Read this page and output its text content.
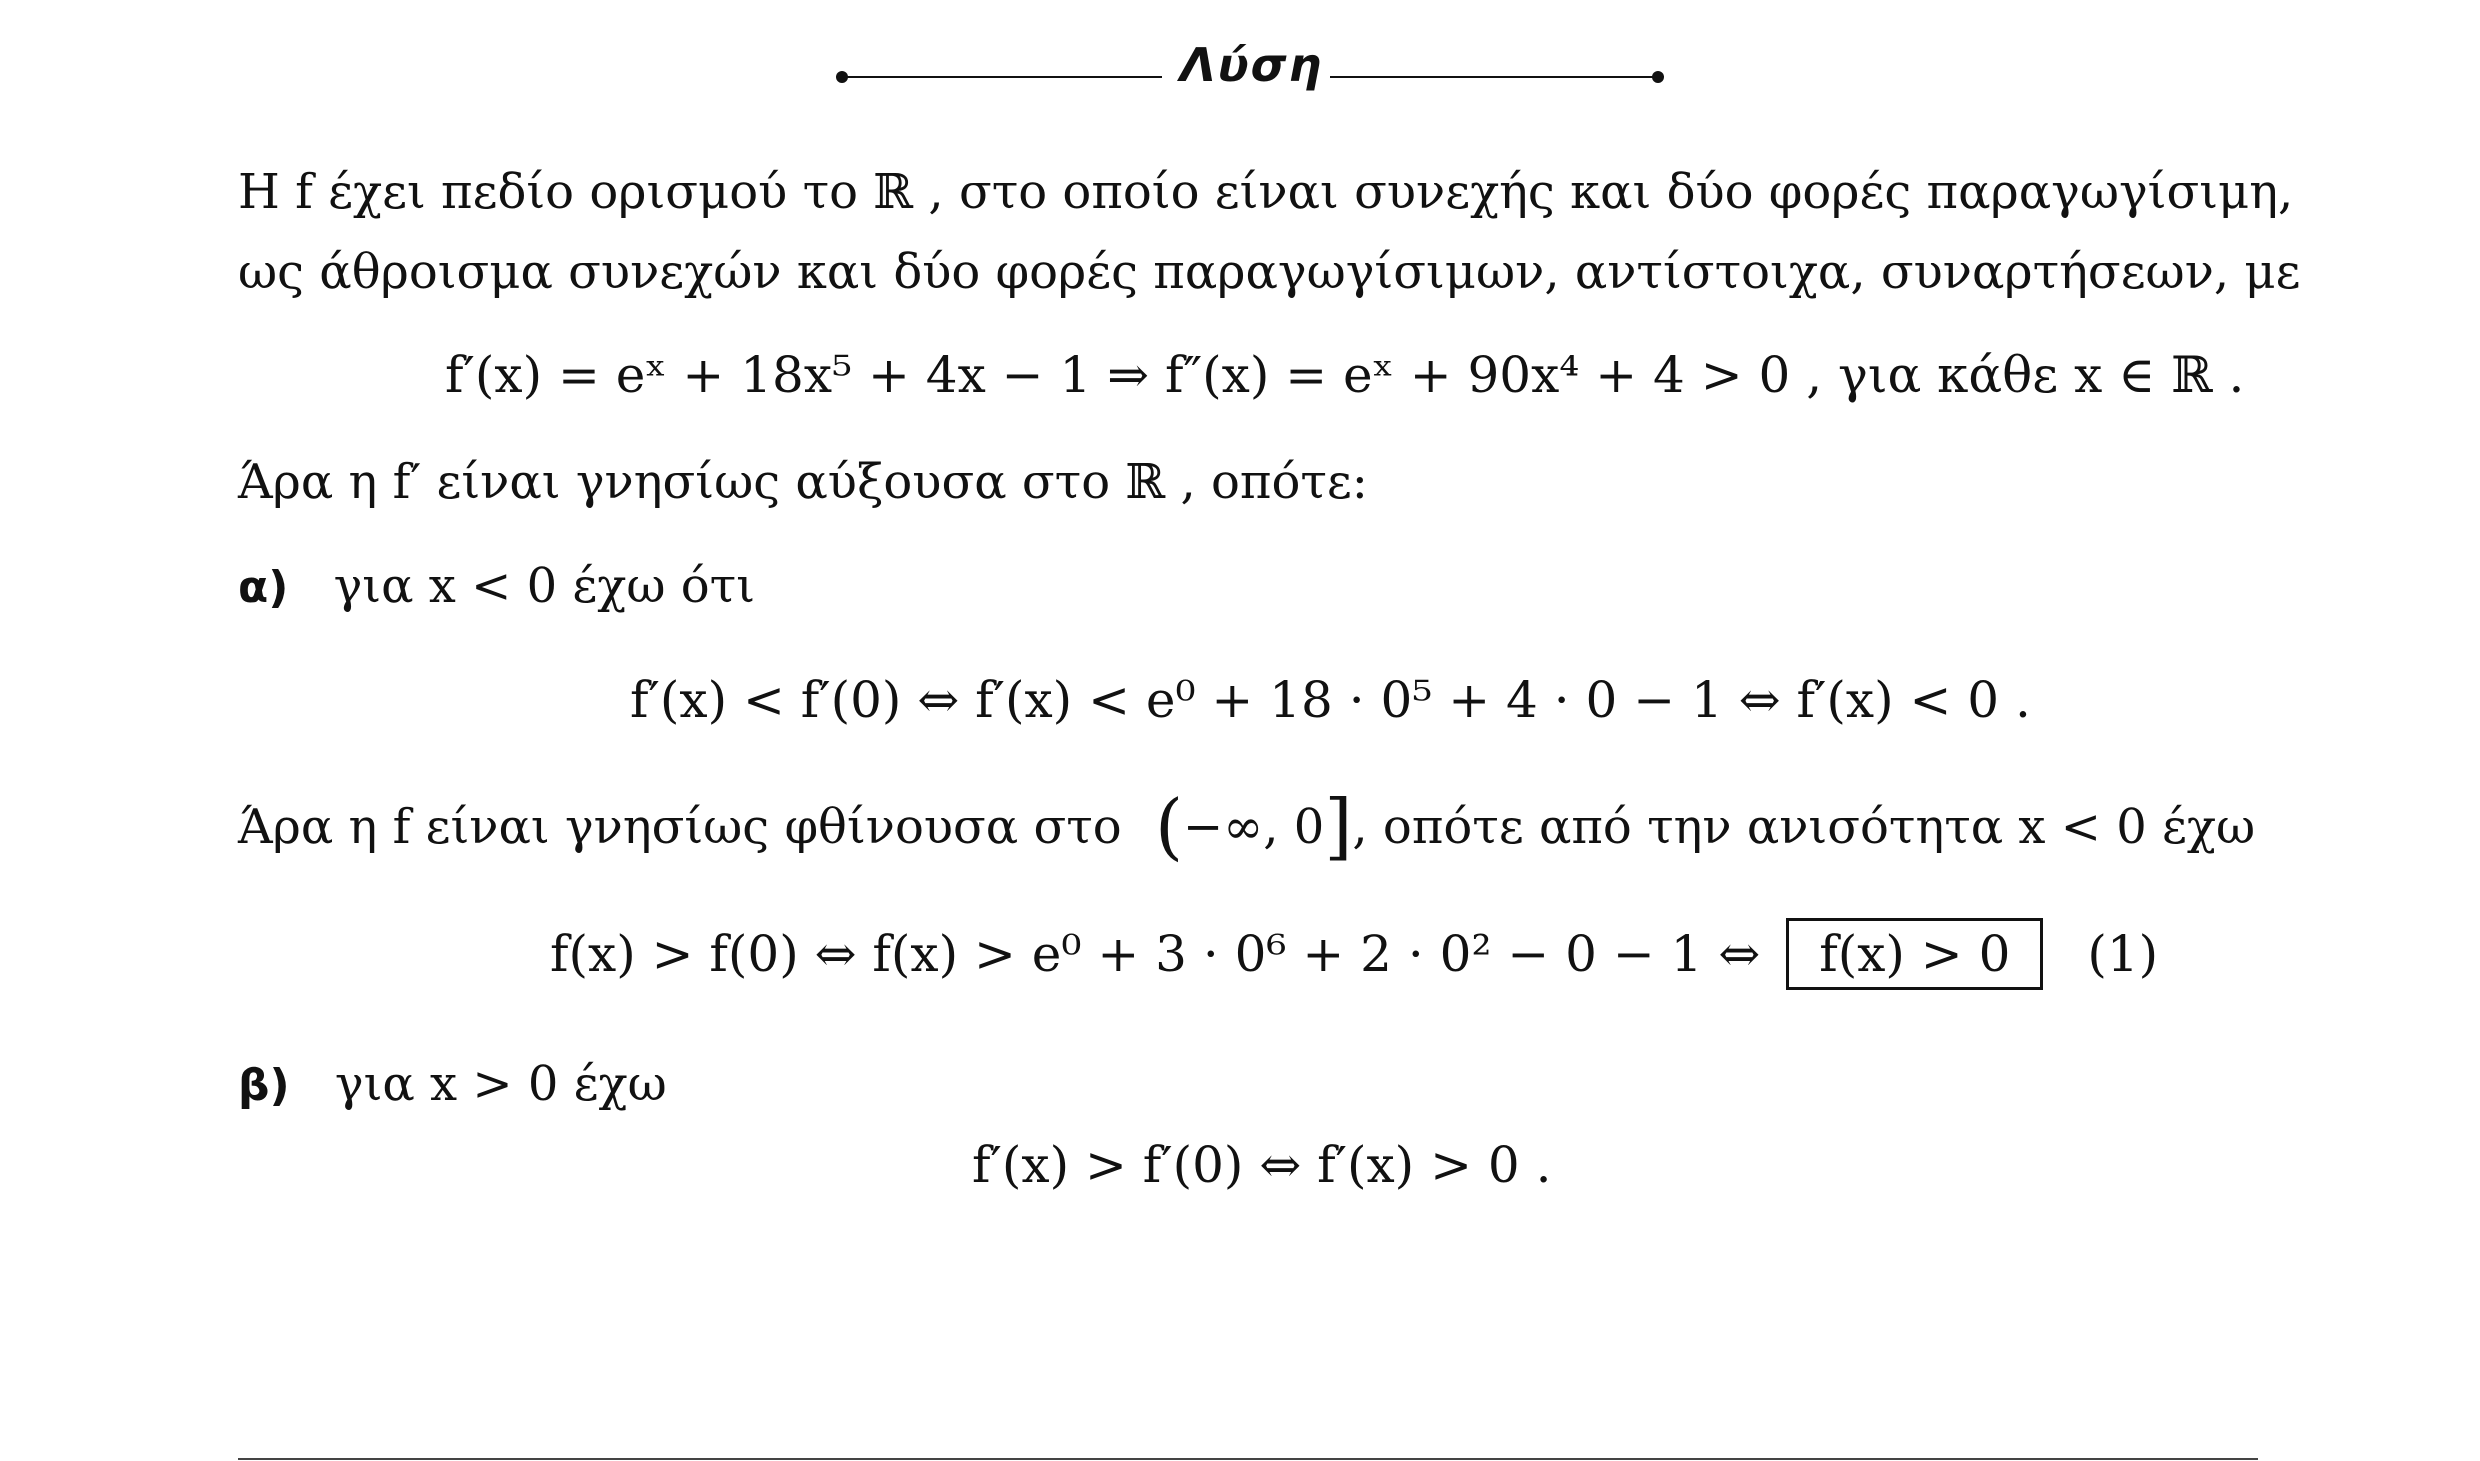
Λύση
Η f έχει πεδίο ορισμού το ℝ , στο οποίο είναι συνεχής και δύο φορές παραγωγίσιμη,
ως άθροισμα συνεχών και δύο φορές παραγωγίσιμων, αντίστοιχα, συναρτήσεων, με
f′(x) = eˣ + 18x⁵ + 4x − 1 ⇒ f″(x) = eˣ + 90x⁴ + 4 > 0 , για κάθε x ∈ ℝ .
Άρα η f′ είναι γνησίως αύξουσα στο ℝ , οπότε:
α) για x < 0 έχω ότι
f′(x) < f′(0) ⇔ f′(x) < e⁰ + 18 · 0⁵ + 4 · 0 − 1 ⇔ f′(x) < 0 .
Άρα η f είναι γνησίως φθίνουσα στο (−∞, 0], οπότε από την ανισότητα x < 0 έχω
f(x) > f(0) ⇔ f(x) > e⁰ + 3 · 0⁶ + 2 · 0² − 0 − 1 ⇔ f(x) > 0 (1)
β) για x > 0 έχω
f′(x) > f′(0) ⇔ f′(x) > 0 .
